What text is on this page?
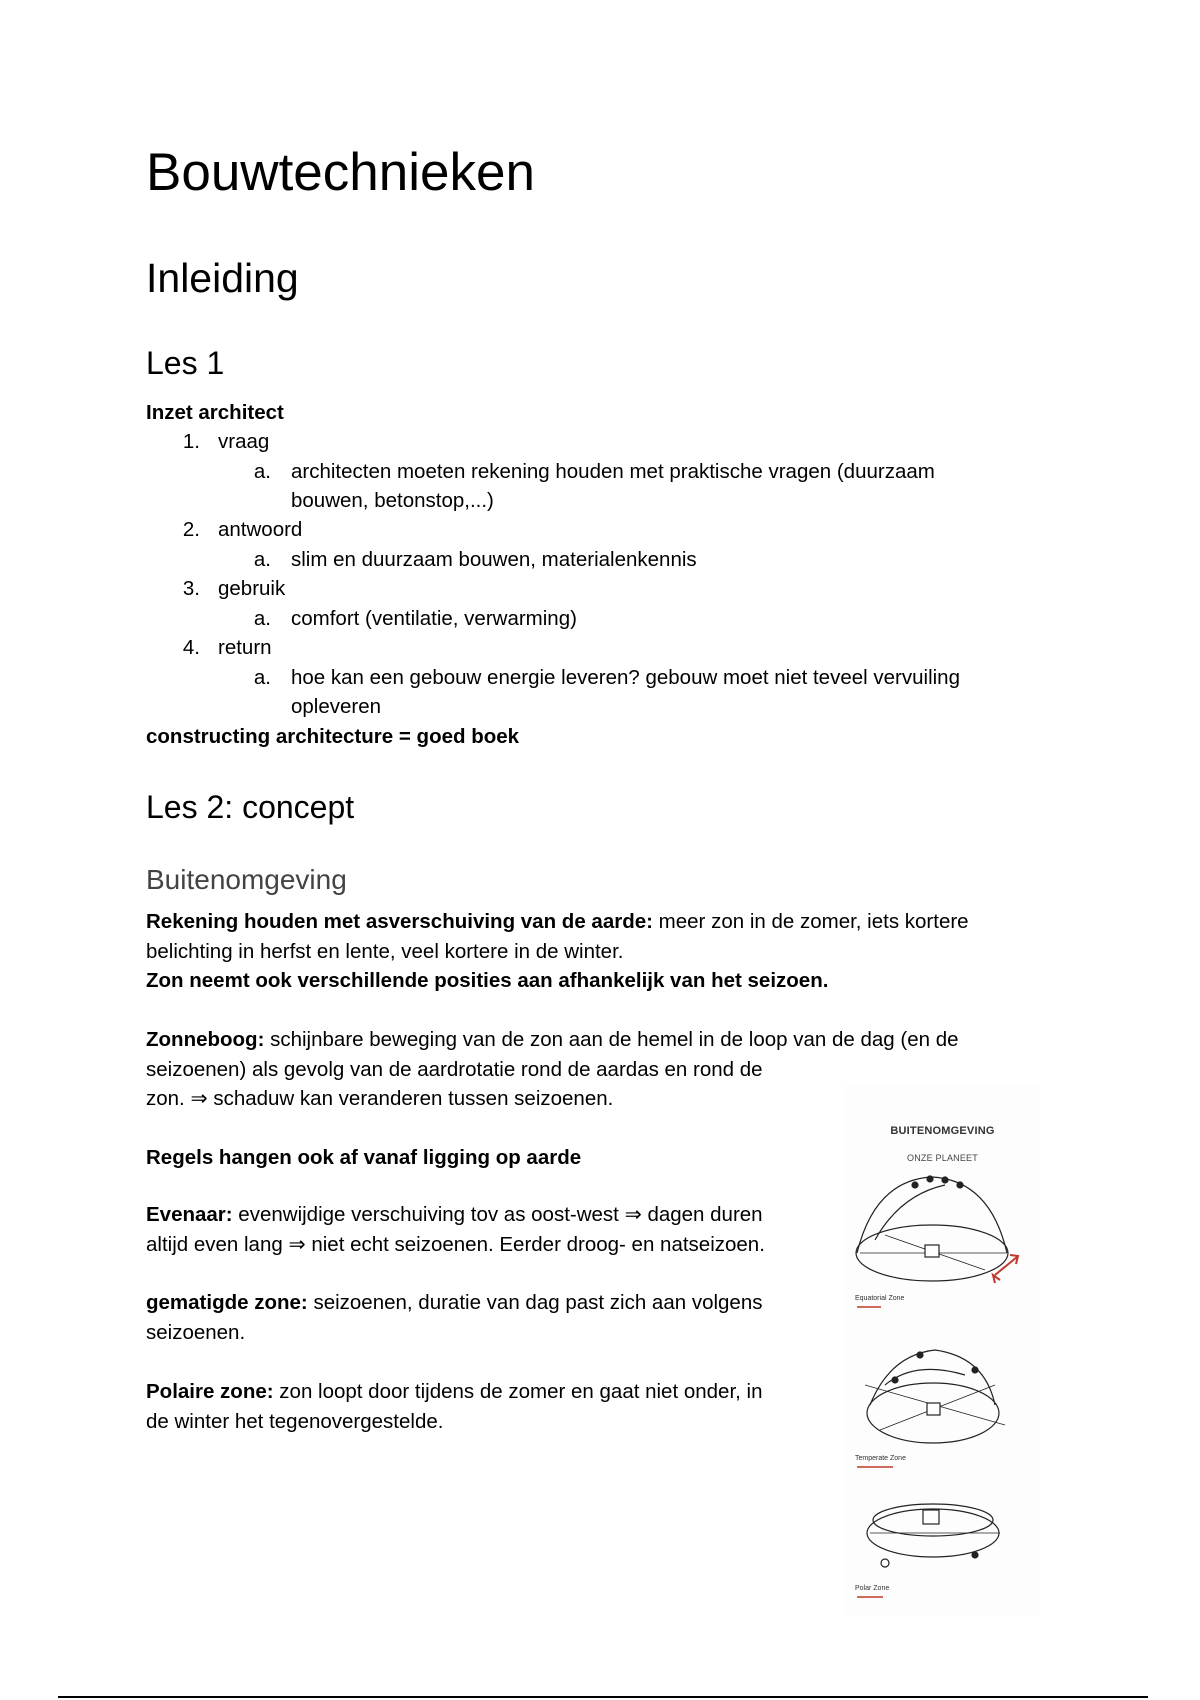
Bouwtechnieken
Inleiding
Les 1

Inzet architect

1. vraag
a. architecten moeten rekening houden met praktische vragen (duurzaam
bouwen, betonstop,...)
2. antwoord
a. slim en duurzaam bouwen, materialenkennis
3. gebruik
a. comfort (ventilatie, verwarming)
4. return
a. hoe kan een gebouw energie leveren? gebouw moet niet teveel vervuiling
opleveren

constructing architecture = goed boek

Les 2: concept
Buitenomgeving

Rekening houden met asverschuiving van de aarde: meer zon in de zomer, iets kortere
belichting in herfst en lente, veel kortere in de winter.
Zon neemt ook verschillende posities aan afhankelijk van het seizoen.

Zonneboog: schijnbare beweging van de zon aan de hemel in de loop van de dag (en de
seizoenen) als gevolg van de aardrotatie rond de aardas en rond de
zon. ⇒ schaduw kan veranderen tussen seizoenen.

Regels hangen ook af vanaf ligging op aarde

Evenaar: evenwijdige verschuiving tov as oost-west ⇒ dagen duren
altijd even lang ⇒ niet echt seizoenen. Eerder droog- en natseizoen.

gematigde zone: seizoenen, duratie van dag past zich aan volgens
seizoenen.

Polaire zone: zon loopt door tijdens de zomer en gaat niet onder, in
de winter het tegenovergestelde.

BUITENOMGEVING
ONZE PLANEET
Equatorial Zone
Temperate Zone
Polar Zone
